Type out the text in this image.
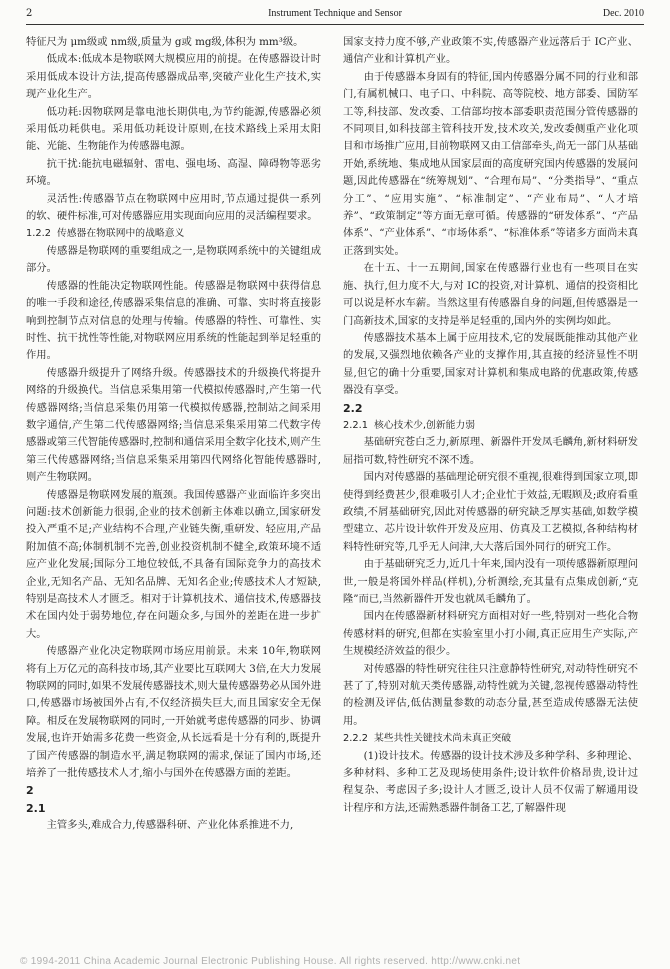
2	Instrument Technique and Sensor	Dec. 2010

特征尺为 μm级或 nm级,质量为 g或 mg级,体积为 mm³级。

低成本:低成本是物联网大规模应用的前提。在传感器设计时采用低成本设计方法,提高传感器成品率,突破产业化生产技术,实现产业化生产。

低功耗:因物联网是靠电池长期供电,为节约能源,传感器必须采用低功耗供电。采用低功耗设计原则,在技术路线上采用太阳能、光能、生物能作为传感器电源。

抗干扰:能抗电磁辐射、雷电、强电场、高湿、障碍物等恶劣环境。

灵活性:传感器节点在物联网中应用时,节点通过提供一系列的软、硬件标准,可对传感器应用实现面向应用的灵活编程要求。

1.2.2 传感器在物联网中的战略意义

传感器是物联网的重要组成之一,是物联网系统中的关键组成部分。

传感器的性能决定物联网性能。传感器是物联网中获得信息的唯一手段和途径,传感器采集信息的准确、可靠、实时将直接影响到控制节点对信息的处理与传输。传感器的特性、可靠性、实时性、抗干扰性等性能,对物联网应用系统的性能起到举足轻重的作用。

传感器升级提升了网络升级。传感器技术的升级换代将提升网络的升级换代。当信息采集用第一代模拟传感器时,产生第一代传感器网络;当信息采集仍用第一代模拟传感器,控制站之间采用数字通信,产生第二代传感器网络;当信息采集采用第二代数字传感器或第三代智能传感器时,控制和通信采用全数字化技术,则产生第三代传感器网络;当信息采集采用第四代网络化智能传感器时,则产生物联网。

传感器是物联网发展的瓶颈。我国传感器产业面临许多突出问题:技术创新能力很弱,企业的技术创新主体难以确立,国家研发投入严重不足;产业结构不合理,产业链失衡,重研发、轻应用,产品附加值不高;体制机制不完善,创业投资机制不健全,政策环境不适应产业化发展;国际分工地位较低,不具备有国际竞争力的高技术企业,无知名产品、无知名品牌、无知名企业;传感技术人才短缺,特别是高技术人才匮乏。相对于计算机技术、通信技术,传感器技术在国内处于弱势地位,存在问题众多,与国外的差距在进一步扩大。

传感器产业化决定物联网市场应用前景。未来 10年,物联网将有上万亿元的高科技市场,其产业要比互联网大 3倍,在大力发展物联网的同时,如果不发展传感器技术,则大量传感器势必从国外进口,传感器市场被国外占有,不仅经济损失巨大,而且国家安全无保障。相反在发展物联网的同时,一开始就考虑传感器的同步、协调发展,也许开始需多花费一些资金,从长远看是十分有利的,既提升了国产传感器的制造水平,满足物联网的需求,保证了国内市场,还培养了一批传感技术人才,缩小与国外在传感器方面的差距。

2
2.1

主管多头,难成合力,传感器科研、产业化体系推进不力,

国家支持力度不够,产业政策不实,传感器产业远落后于 IC产业、通信产业和计算机产业。

由于传感器本身固有的特征,国内传感器分属不同的行业和部门,有属机械口、电子口、中科院、高等院校、地方部委、国防军工等,科技部、发改委、工信部均按本部委职责范围分管传感器的不同项目,如科技部主管科技开发,技术攻关,发改委侧重产业化项目和市场推广应用,目前物联网又由工信部牵头,尚无一部门从基础开始,系统地、集成地从国家层面的高度研究国内传感器的发展问题,因此传感器在“统筹规划”、“合理布局”、“分类指导”、“重点分工”、“应用实施”、“标准制定”、“产业布局”、“人才培养”、“政策制定”等方面无章可循。传感器的“研发体系”、“产品体系”、“产业体系”、“市场体系”、“标准体系”等诸多方面尚未真正落到实处。

在十五、十一五期间,国家在传感器行业也有一些项目在实施、执行,但力度不大,与对 IC的投资,对计算机、通信的投资相比可以说是杯水车薪。当然这里有传感器自身的问题,但传感器是一门高新技术,国家的支持是举足轻重的,国内外的实例均如此。

传感器技术基本上属于应用技术,它的发展既能推动其他产业的发展,又强烈地依赖各产业的支撑作用,其直接的经济显性不明显,但它的确十分重要,国家对计算机和集成电路的优惠政策,传感器没有享受。

2.2
2.2.1 核心技术少,创新能力弱

基础研究苍白乏力,新原理、新器件开发凤毛麟角,新材料研发屈指可数,特性研究不深不透。

国内对传感器的基础理论研究很不重视,很难得到国家立项,即使得到经费甚少,很难吸引人才;企业忙于效益,无暇顾及;政府看重政绩,不屑基础研究,因此对传感器的研究缺乏厚实基础,如数学模型建立、芯片设计软件开发及应用、仿真及工艺模拟,各种结构材料特性研究等,几乎无人问津,大大落后国外同行的研究工作。

由于基础研究乏力,近几十年来,国内没有一项传感器新原理问世,一般是将国外样品(样机),分析测绘,充其量有点集成创新,“克隆”而已,当然新器件开发也就凤毛麟角了。

国内在传感器新材料研究方面相对好一些,特别对一些化合物传感材料的研究,但都在实验室里小打小闹,真正应用生产实际,产生规模经济效益的很少。

对传感器的特性研究往往只注意静特性研究,对动特性研究不甚了了,特别对航天类传感器,动特性就为关键,忽视传感器动特性的检测及评估,低估测量参数的动态分量,甚至造成传感器无法使用。

2.2.2 某些共性关键技术尚未真正突破

(1)设计技术。传感器的设计技术涉及多种学科、多种理论、多种材料、多种工艺及现场使用条件;设计软件价格昂贵,设计过程复杂、考虑因子多;设计人才匮乏,设计人员不仅需了解通用设计程序和方法,还需熟悉器件制备工艺,了解器件现

© 1994-2011 China Academic Journal Electronic Publishing House. All rights reserved. http://www.cnki.net
